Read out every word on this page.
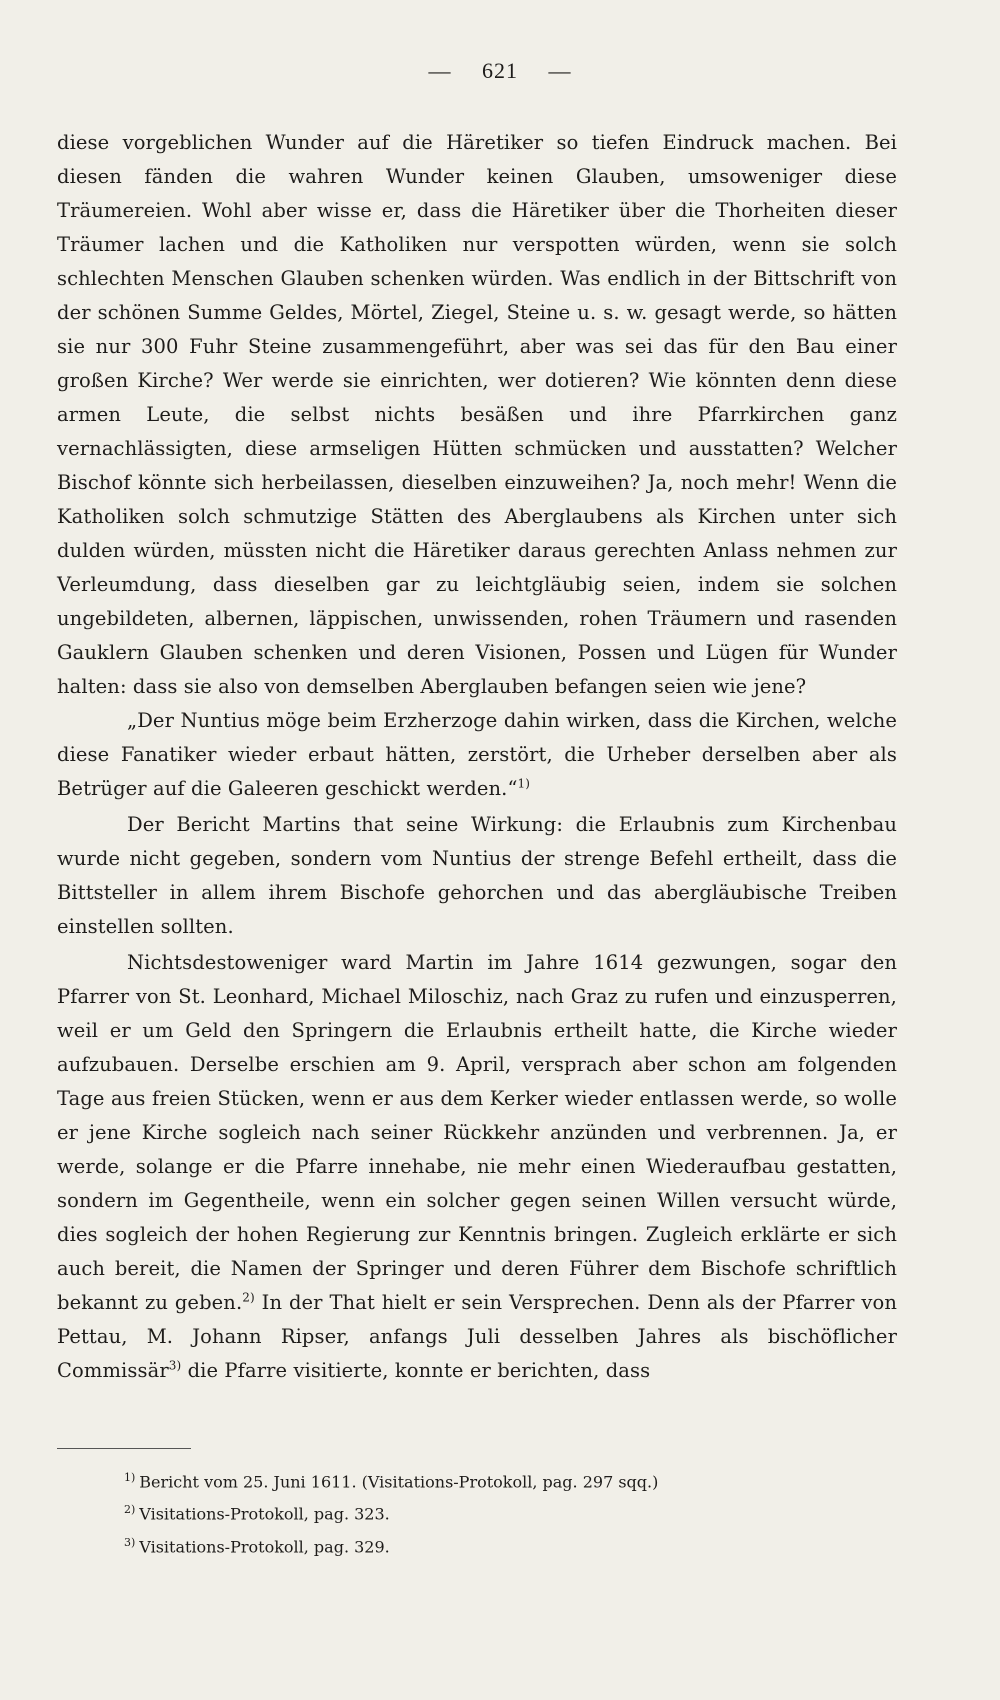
— 621 —

diese vorgeblichen Wunder auf die Häretiker so tiefen Eindruck machen. Bei diesen fänden die wahren Wunder keinen Glauben, umsoweniger diese Träumereien. Wohl aber wisse er, dass die Häretiker über die Thorheiten dieser Träumer lachen und die Katholiken nur verspotten würden, wenn sie solch schlechten Menschen Glauben schenken würden. Was endlich in der Bittschrift von der schönen Summe Geldes, Mörtel, Ziegel, Steine u. s. w. gesagt werde, so hätten sie nur 300 Fuhr Steine zusammengeführt, aber was sei das für den Bau einer großen Kirche? Wer werde sie einrichten, wer dotieren? Wie könnten denn diese armen Leute, die selbst nichts besäßen und ihre Pfarrkirchen ganz vernachlässigten, diese armseligen Hütten schmücken und ausstatten? Welcher Bischof könnte sich herbeilassen, dieselben einzuweihen? Ja, noch mehr! Wenn die Katholiken solch schmutzige Stätten des Aberglaubens als Kirchen unter sich dulden würden, müssten nicht die Häretiker daraus gerechten Anlass nehmen zur Verleumdung, dass dieselben gar zu leichtgläubig seien, indem sie solchen ungebildeten, albernen, läppischen, unwissenden, rohen Träumern und rasenden Gauklern Glauben schenken und deren Visionen, Possen und Lügen für Wunder halten: dass sie also von demselben Aberglauben befangen seien wie jene?

„Der Nuntius möge beim Erzherzoge dahin wirken, dass die Kirchen, welche diese Fanatiker wieder erbaut hätten, zerstört, die Urheber derselben aber als Betrüger auf die Galeeren geschickt werden.“$^{1)}$

Der Bericht Martins that seine Wirkung: die Erlaubnis zum Kirchenbau wurde nicht gegeben, sondern vom Nuntius der strenge Befehl ertheilt, dass die Bittsteller in allem ihrem Bischofe gehorchen und das abergläubische Treiben einstellen sollten.

Nichtsdestoweniger ward Martin im Jahre 1614 gezwungen, sogar den Pfarrer von St. Leonhard, Michael Miloschiz, nach Graz zu rufen und einzusperren, weil er um Geld den Springern die Erlaubnis ertheilt hatte, die Kirche wieder aufzubauen. Derselbe erschien am 9. April, versprach aber schon am folgenden Tage aus freien Stücken, wenn er aus dem Kerker wieder entlassen werde, so wolle er jene Kirche sogleich nach seiner Rückkehr anzünden und verbrennen. Ja, er werde, solange er die Pfarre innehabe, nie mehr einen Wiederaufbau gestatten, sondern im Gegentheile, wenn ein solcher gegen seinen Willen versucht würde, dies sogleich der hohen Regierung zur Kenntnis bringen. Zugleich erklärte er sich auch bereit, die Namen der Springer und deren Führer dem Bischofe schriftlich bekannt zu geben.$^{2)}$ In der That hielt er sein Versprechen. Denn als der Pfarrer von Pettau, M. Johann Ripser, anfangs Juli desselben Jahres als bischöflicher Commissär$^{3)}$ die Pfarre visitierte, konnte er berichten, dass

$^{1)}$ Bericht vom 25. Juni 1611. (Visitations-Protokoll, pag. 297 sqq.)
$^{2)}$ Visitations-Protokoll, pag. 323.
$^{3)}$ Visitations-Protokoll, pag. 329.
